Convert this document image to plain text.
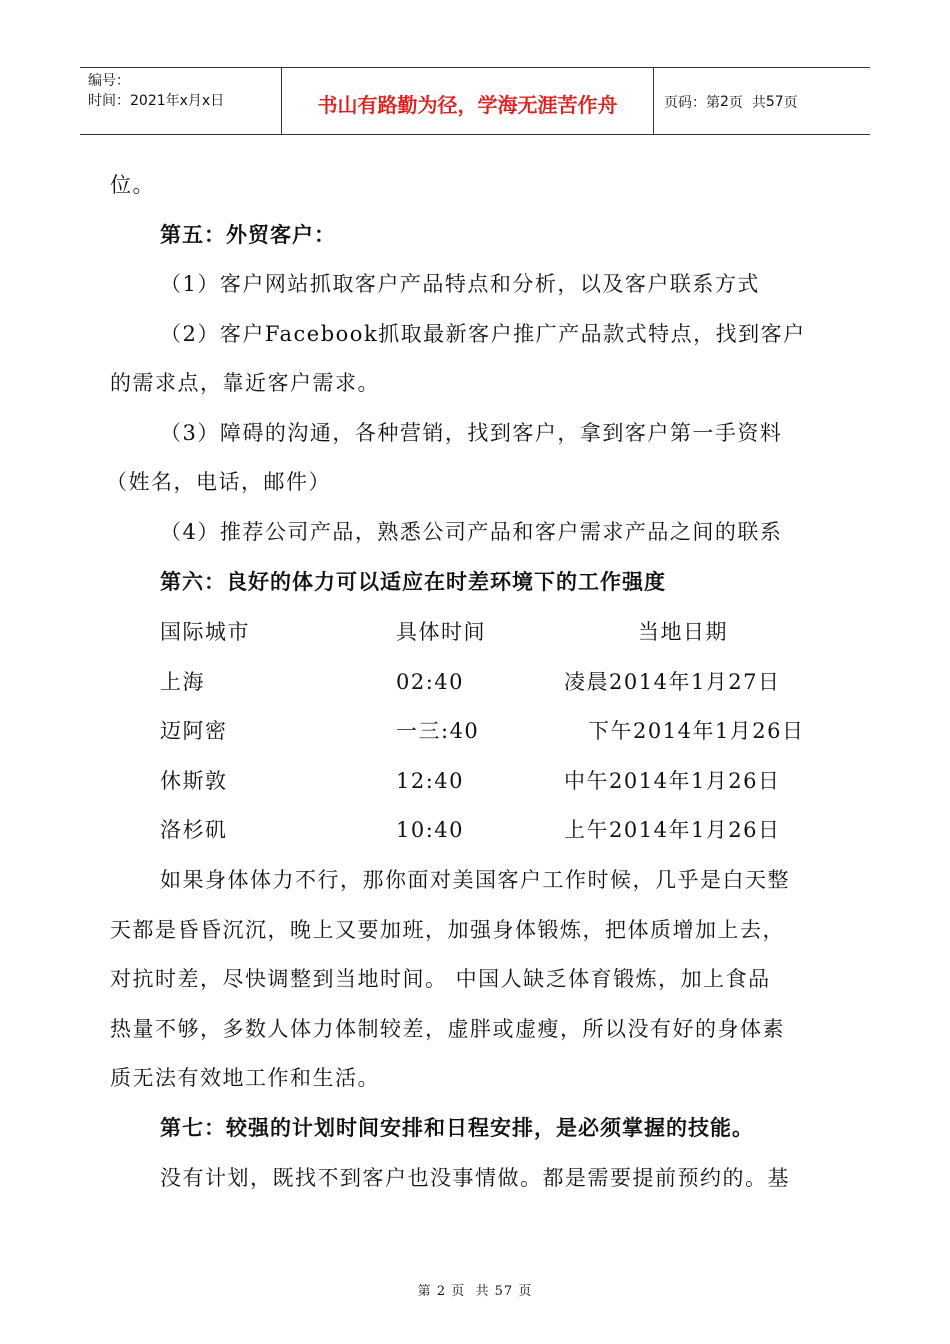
编号：
时间：2021年x月x日	书山有路勤为径，学海无涯苦作舟	页码：第 2 页  共 57 页
位。
第五：外贸客户：
（1）客户网站抓取客户产品特点和分析，以及客户联系方式
（2）客户Facebook抓取最新客户推广产品款式特点，找到客户
的需求点，靠近客户需求。
（3）障碍的沟通，各种营销，找到客户，拿到客户第一手资料
（姓名，电话，邮件）
（4）推荐公司产品，熟悉公司产品和客户需求产品之间的联系
第六：良好的体力可以适应在时差环境下的工作强度
国际城市	具体时间	当地日期
上海	02:40	凌晨2014年1月27日
迈阿密	一三:40	下午2014年1月26日
休斯敦	12:40	中午2014年1月26日
洛杉矶	10:40	上午2014年1月26日
如果身体体力不行，那你面对美国客户工作时候，几乎是白天整
天都是昏昏沉沉，晚上又要加班，加强身体锻炼，把体质增加上去，
对抗时差，尽快调整到当地时间。 中国人缺乏体育锻炼，加上食品
热量不够，多数人体力体制较差，虚胖或虚瘦，所以没有好的身体素
质无法有效地工作和生活。
第七：较强的计划时间安排和日程安排，是必须掌握的技能。
没有计划，既找不到客户也没事情做。都是需要提前预约的。基
第 2 页  共 57 页
